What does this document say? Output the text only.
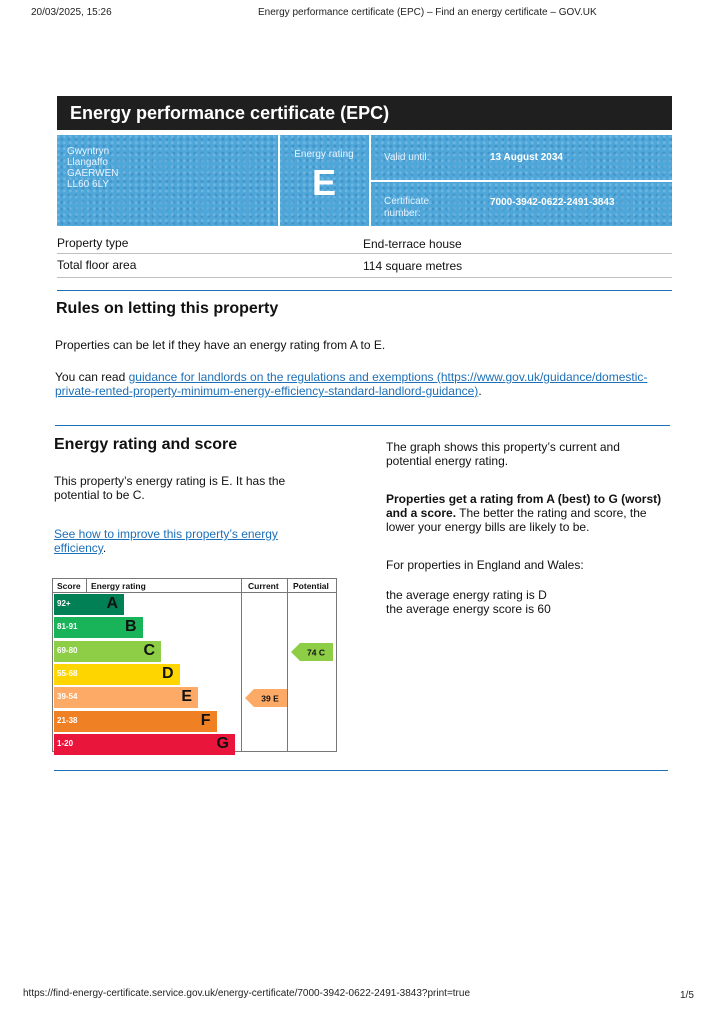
20/03/2025, 15:26	Energy performance certificate (EPC) – Find an energy certificate – GOV.UK
Energy performance certificate (EPC)
Gwyntryn
Llangaffo
GAERWEN
LL60 6LY
Energy rating
E
Valid until:	13 August 2034
Certificate
number:
7000-3942-0622-2491-3843
Property type	End-terrace house
Total floor area	114 square metres
Rules on letting this property
Properties can be let if they have an energy rating from A to E.
You can read guidance for landlords on the regulations and exemptions (https://www.gov.uk/guidance/domestic-
private-rented-property-minimum-energy-efficiency-standard-landlord-guidance).
Energy rating and score
This property’s energy rating is E. It has the
potential to be C.
See how to improve this property’s energy
efficiency.
The graph shows this property’s current and
potential energy rating.
Properties get a rating from A (best) to G (worst)
and a score. The better the rating and score, the
lower your energy bills are likely to be.
For properties in England and Wales:
the average energy rating is D
the average energy score is 60
Score Energy rating	Current Potential
92+ A
81-91	B
69-80	C
55-68	D
39-54	E
21-38	F
1-20	G
39 E
74 C
https://find-energy-certificate.service.gov.uk/energy-certificate/7000-3942-0622-2491-3843?print=true	1/5
